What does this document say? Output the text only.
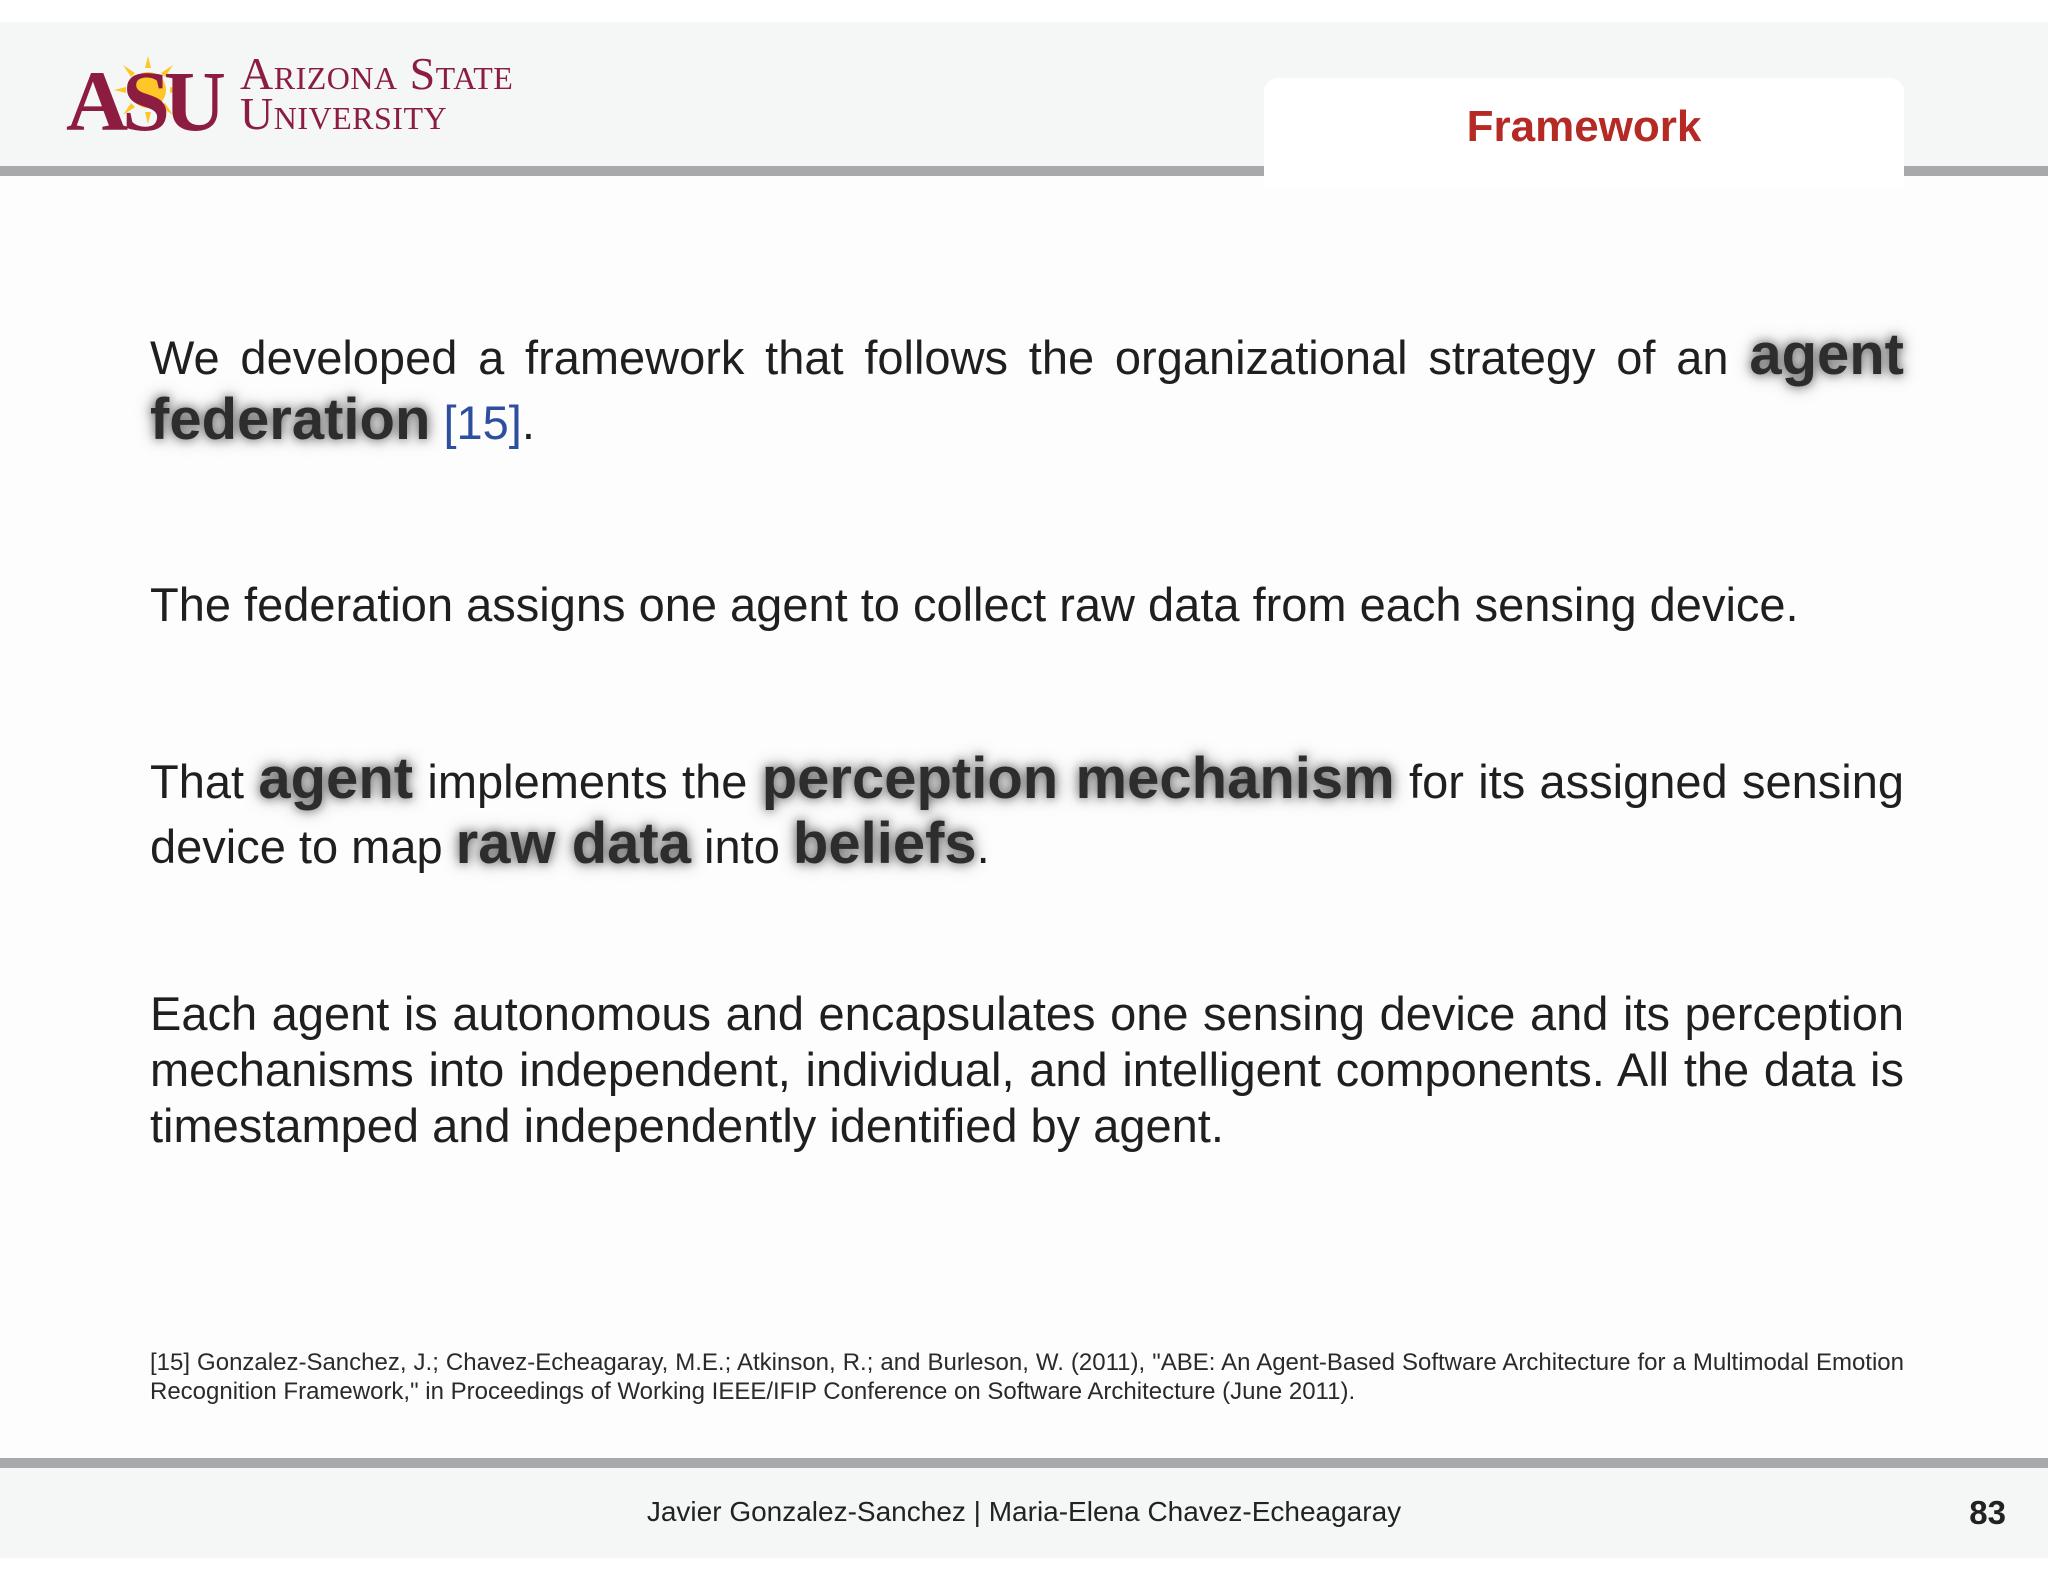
ASU Arizona State
University	Framework
We developed a framework that follows the organizational strategy of an agent federation [15].
The federation assigns one agent to collect raw data from each sensing device.
That agent implements the perception mechanism for its assigned sensing device to map raw data into beliefs.
Each agent is autonomous and encapsulates one sensing device and its perception mechanisms into independent, individual, and intelligent components. All the data is timestamped and independently identified by agent.
[15] Gonzalez-Sanchez, J.; Chavez-Echeagaray, M.E.; Atkinson, R.; and Burleson, W. (2011), "ABE: An Agent-Based Software Architecture for a Multimodal Emotion Recognition Framework," in Proceedings of Working IEEE/IFIP Conference on Software Architecture (June 2011).
Javier Gonzalez-Sanchez | Maria-Elena Chavez-Echeagaray	83
